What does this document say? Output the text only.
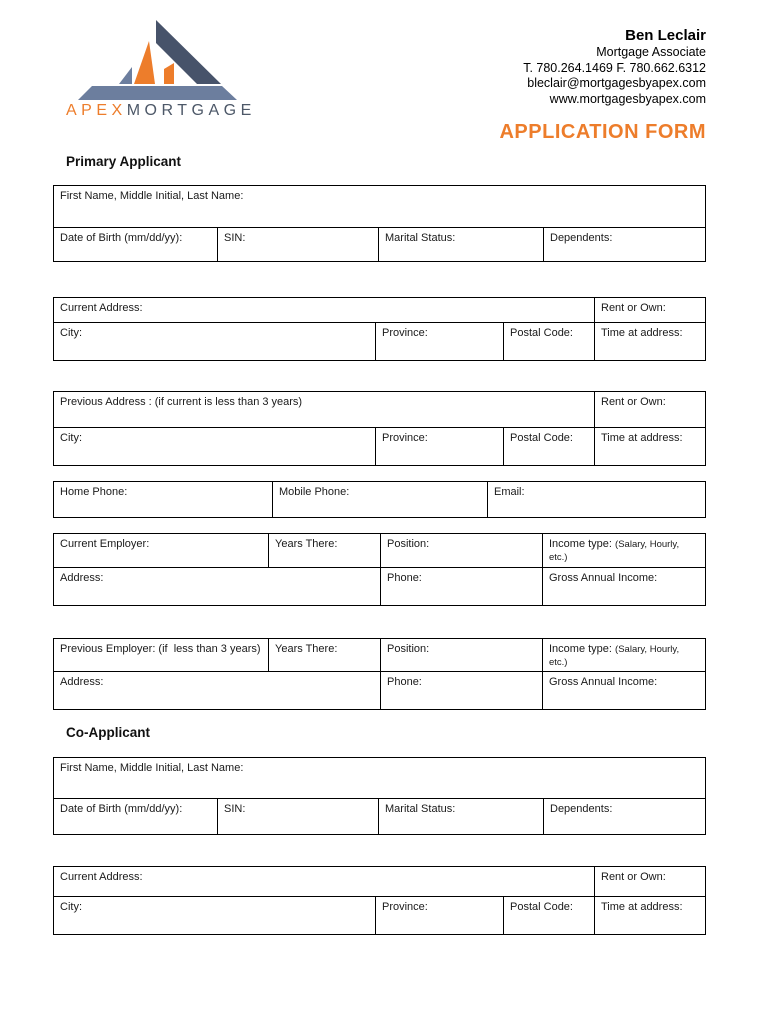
APEXMORTGAGE
Ben Leclair
Mortgage Associate
T. 780.264.1469 F. 780.662.6312
bleclair@mortgagesbyapex.com
www.mortgagesbyapex.com
APPLICATION FORM
Primary Applicant
First Name, Middle Initial, Last Name:
Date of Birth (mm/dd/yy):	SIN:	Marital Status:	Dependents:
Current Address:	Rent or Own:
City:	Province:	Postal Code:	Time at address:
Previous Address : (if current is less than 3 years)	Rent or Own:
City:	Province:	Postal Code:	Time at address:
Home Phone:	Mobile Phone:	Email:
Current Employer:	Years There:	Position:	Income type: (Salary, Hourly, etc.)
Address:	Phone:	Gross Annual Income:
Previous Employer: (if  less than 3 years)	Years There:	Position:	Income type: (Salary, Hourly, etc.)
Address:	Phone:	Gross Annual Income:
Co-Applicant
First Name, Middle Initial, Last Name:
Date of Birth (mm/dd/yy):	SIN:	Marital Status:	Dependents:
Current Address:	Rent or Own:
City:	Province:	Postal Code:	Time at address:
